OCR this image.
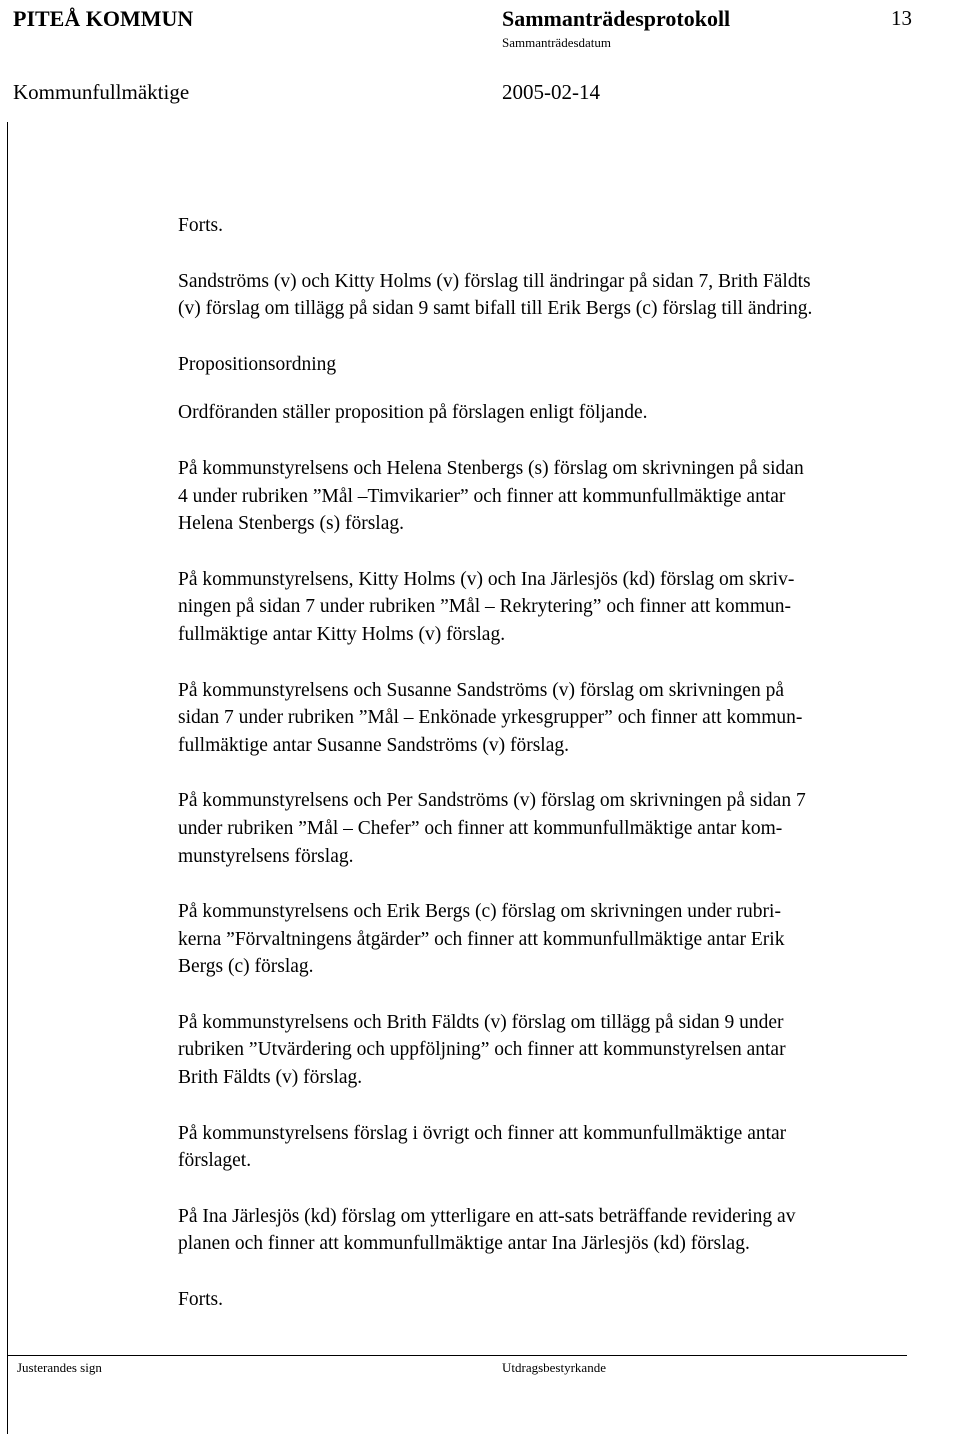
PITEÅ KOMMUN	Sammanträdesprotokoll	13
Sammanträdesdatum
Kommunfullmäktige	2005-02-14

Forts.

Sandströms (v) och Kitty Holms (v) förslag till ändringar på sidan 7, Brith Fäldts
(v) förslag om tillägg på sidan 9 samt bifall till Erik Bergs (c) förslag till ändring.

Propositionsordning

Ordföranden ställer proposition på förslagen enligt följande.

På kommunstyrelsens och Helena Stenbergs (s) förslag om skrivningen på sidan
4 under rubriken ”Mål –Timvikarier” och finner att kommunfullmäktige antar
Helena Stenbergs (s) förslag.

På kommunstyrelsens, Kitty Holms (v) och Ina Järlesjös (kd) förslag om skriv-
ningen på sidan 7 under rubriken ”Mål – Rekrytering” och finner att kommun-
fullmäktige antar Kitty Holms (v) förslag.

På kommunstyrelsens och Susanne Sandströms (v) förslag om skrivningen på
sidan 7 under rubriken ”Mål – Enkönade yrkesgrupper” och finner att kommun-
fullmäktige antar Susanne Sandströms (v) förslag.

På kommunstyrelsens och Per Sandströms (v) förslag om skrivningen på sidan 7
under rubriken ”Mål – Chefer” och finner att kommunfullmäktige antar kom-
munstyrelsens förslag.

På kommunstyrelsens och Erik Bergs (c) förslag om skrivningen under rubri-
kerna ”Förvaltningens åtgärder” och finner att kommunfullmäktige antar Erik
Bergs (c) förslag.

På kommunstyrelsens och Brith Fäldts (v) förslag om tillägg på sidan 9 under
rubriken ”Utvärdering och uppföljning” och finner att kommunstyrelsen antar
Brith Fäldts (v) förslag.

På kommunstyrelsens förslag i övrigt och finner att kommunfullmäktige antar
förslaget.

På Ina Järlesjös (kd) förslag om ytterligare en att-sats beträffande revidering av
planen och finner att kommunfullmäktige antar Ina Järlesjös (kd) förslag.

Forts.

Justerandes sign	Utdragsbestyrkande
